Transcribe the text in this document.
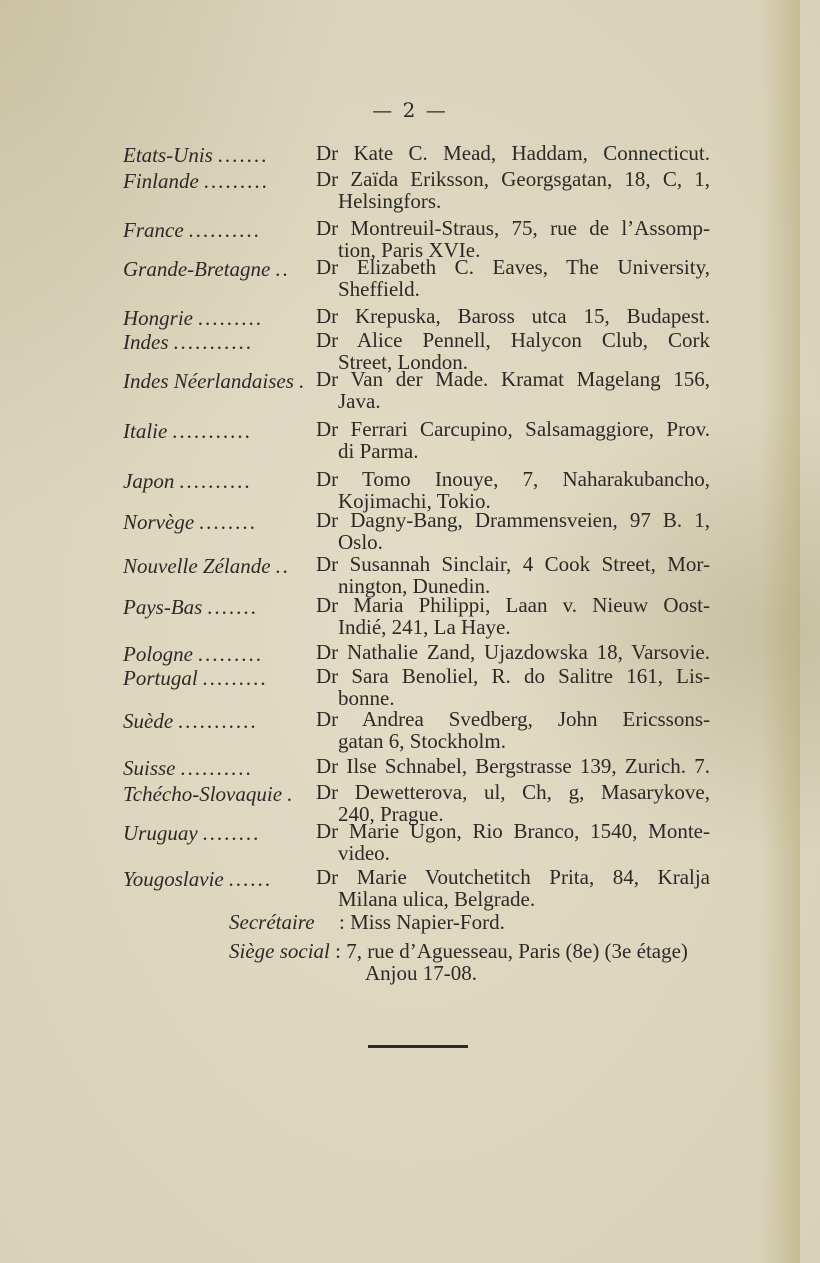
— 2 —
Etats-Unis .......	Dr Kate C. Mead, Haddam, Connecticut.
Finlande .........	Dr Zaïda Eriksson, Georgsgatan, 18, C, 1,
Helsingfors.
France ..........	Dr Montreuil-Straus, 75, rue de l’Assomp-
tion, Paris XVIe.
Grande-Bretagne ..	Dr Elizabeth C. Eaves, The University,
Sheffield.
Hongrie .........	Dr Krepuska, Baross utca 15, Budapest.
Indes ...........	Dr Alice Pennell, Halycon Club, Cork
Street, London.
Indes Néerlandaises . Dr Van der Made. Kramat Magelang 156,
Java.
Italie ...........	Dr Ferrari Carcupino, Salsamaggiore, Prov.
di Parma.
Japon ..........	Dr Tomo Inouye, 7, Naharakubancho,
Kojimachi, Tokio.
Norvège ........	Dr Dagny-Bang, Drammensveien, 97 B. 1,
Oslo.
Nouvelle Zélande ..	Dr Susannah Sinclair, 4 Cook Street, Mor-
nington, Dunedin.
Pays-Bas .......	Dr Maria Philippi, Laan v. Nieuw Oost-
Indié, 241, La Haye.
Pologne .........	Dr Nathalie Zand, Ujazdowska 18, Varsovie.
Portugal .........	Dr Sara Benoliel, R. do Salitre 161, Lis-
bonne.
Suède ...........	Dr Andrea Svedberg, John Ericssons-
gatan 6, Stockholm.
Suisse ..........	Dr Ilse Schnabel, Bergstrasse 139, Zurich. 7.
Tchécho-Slovaquie .	Dr Dewetterova, ul, Ch, g, Masarykove,
240, Prague.
Uruguay ........	Dr Marie Ugon, Rio Branco, 1540, Monte-
video.
Yougoslavie ......	Dr Marie Voutchetitch Prita, 84, Kralja
Milana ulica, Belgrade.
Secrétaire : Miss Napier-Ford.
Siège social : 7, rue d’Aguesseau, Paris (8e) (3e étage)
Anjou 17-08.
